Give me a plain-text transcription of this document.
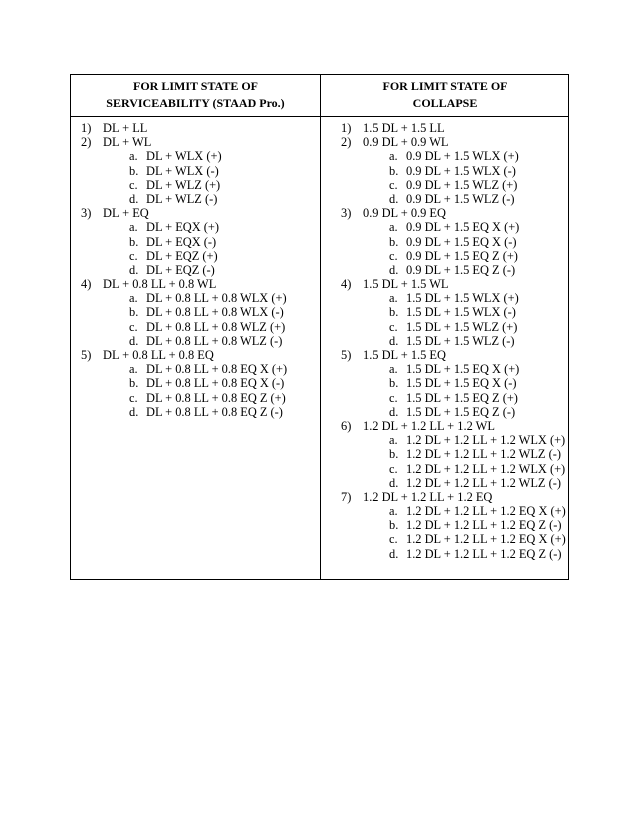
FOR LIMIT STATE OF
SERVICEABILITY (STAAD Pro.)
FOR LIMIT STATE OF
COLLAPSE
1) DL + LL
2) DL + WL
a. DL + WLX (+)
b. DL + WLX (-)
c. DL + WLZ (+)
d. DL + WLZ (-)
3) DL + EQ
a. DL + EQX (+)
b. DL + EQX (-)
c. DL + EQZ (+)
d. DL + EQZ (-)
4) DL + 0.8 LL + 0.8 WL
a. DL + 0.8 LL + 0.8 WLX (+)
b. DL + 0.8 LL + 0.8 WLX (-)
c. DL + 0.8 LL + 0.8 WLZ (+)
d. DL + 0.8 LL + 0.8 WLZ (-)
5) DL + 0.8 LL + 0.8 EQ
a. DL + 0.8 LL + 0.8 EQ X (+)
b. DL + 0.8 LL + 0.8 EQ X (-)
c. DL + 0.8 LL + 0.8 EQ Z (+)
d. DL + 0.8 LL + 0.8 EQ Z (-)
1) 1.5 DL + 1.5 LL
2) 0.9 DL + 0.9 WL
a. 0.9 DL + 1.5 WLX (+)
b. 0.9 DL + 1.5 WLX (-)
c. 0.9 DL + 1.5 WLZ (+)
d. 0.9 DL + 1.5 WLZ (-)
3) 0.9 DL + 0.9 EQ
a. 0.9 DL + 1.5 EQ X (+)
b. 0.9 DL + 1.5 EQ X (-)
c. 0.9 DL + 1.5 EQ Z (+)
d. 0.9 DL + 1.5 EQ Z (-)
4) 1.5 DL + 1.5 WL
a. 1.5 DL + 1.5 WLX (+)
b. 1.5 DL + 1.5 WLX (-)
c. 1.5 DL + 1.5 WLZ (+)
d. 1.5 DL + 1.5 WLZ (-)
5) 1.5 DL + 1.5 EQ
a. 1.5 DL + 1.5 EQ X (+)
b. 1.5 DL + 1.5 EQ X (-)
c. 1.5 DL + 1.5 EQ Z (+)
d. 1.5 DL + 1.5 EQ Z (-)
6) 1.2 DL + 1.2 LL + 1.2 WL
a. 1.2 DL + 1.2 LL + 1.2 WLX (+)
b. 1.2 DL + 1.2 LL + 1.2 WLZ (-)
c. 1.2 DL + 1.2 LL + 1.2 WLX (+)
d. 1.2 DL + 1.2 LL + 1.2 WLZ (-)
7) 1.2 DL + 1.2 LL + 1.2 EQ
a. 1.2 DL + 1.2 LL + 1.2 EQ X (+)
b. 1.2 DL + 1.2 LL + 1.2 EQ Z (-)
c. 1.2 DL + 1.2 LL + 1.2 EQ X (+)
d. 1.2 DL + 1.2 LL + 1.2 EQ Z (-)
